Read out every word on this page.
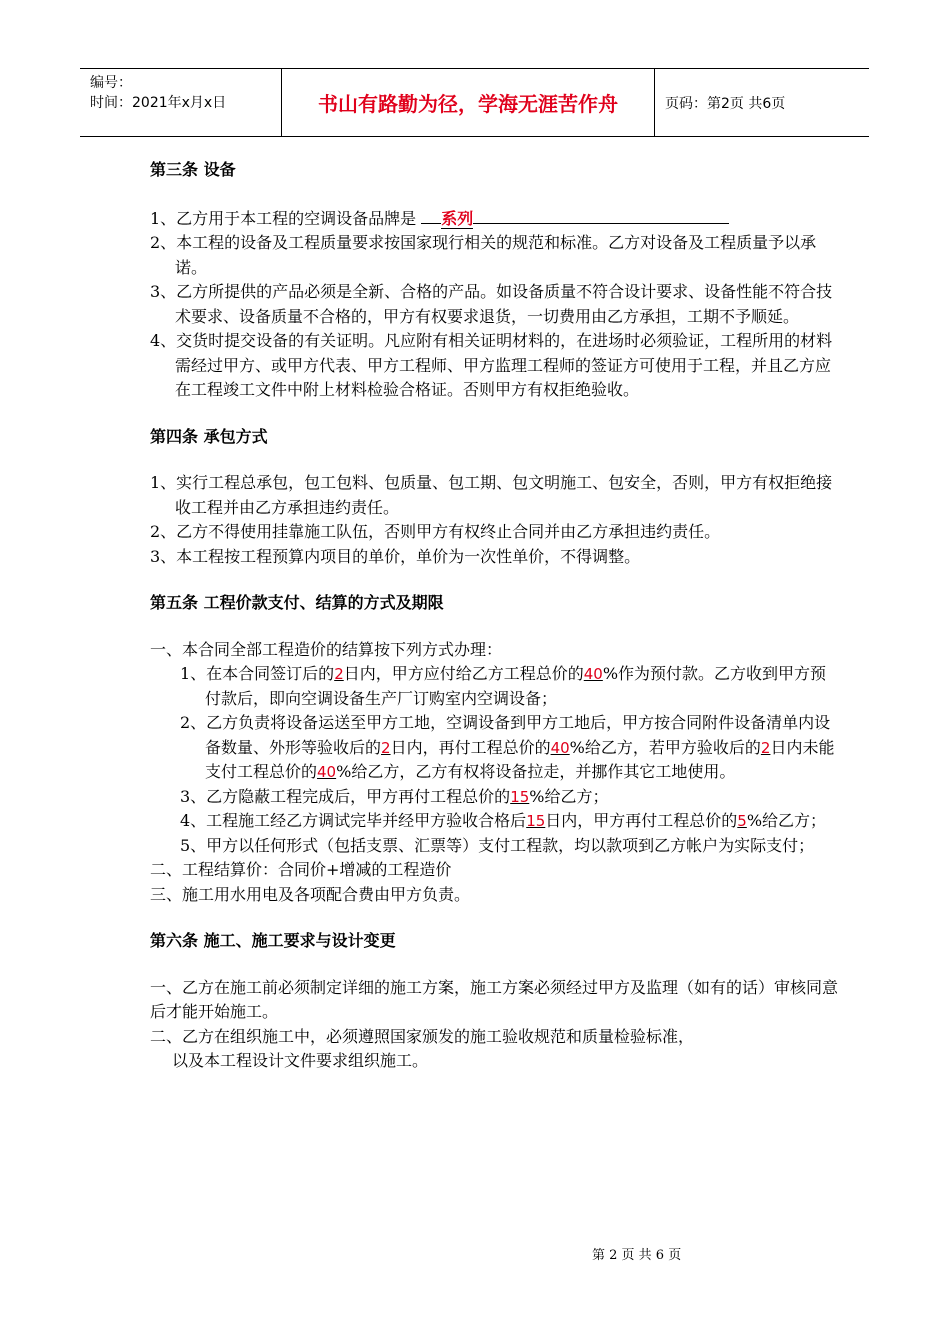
编号：
时间：2021年x月x日	书山有路勤为径，学海无涯苦作舟	页码：第2页 共6页
第三条 设备

1、乙方用于本工程的空调设备品牌是 系列

2、本工程的设备及工程质量要求按国家现行相关的规范和标准。乙方对设备及工程质量予以承诺。

3、乙方所提供的产品必须是全新、合格的产品。如设备质量不符合设计要求、设备性能不符合技术要求、设备质量不合格的，甲方有权要求退货，一切费用由乙方承担，工期不予顺延。

4、交货时提交设备的有关证明。凡应附有相关证明材料的，在进场时必须验证，工程所用的材料需经过甲方、或甲方代表、甲方工程师、甲方监理工程师的签证方可使用于工程，并且乙方应在工程竣工文件中附上材料检验合格证。否则甲方有权拒绝验收。

第四条 承包方式

1、实行工程总承包，包工包料、包质量、包工期、包文明施工、包安全，否则，甲方有权拒绝接收工程并由乙方承担违约责任。

2、乙方不得使用挂靠施工队伍，否则甲方有权终止合同并由乙方承担违约责任。

3、本工程按工程预算内项目的单价，单价为一次性单价，不得调整。

第五条 工程价款支付、结算的方式及期限

一、本合同全部工程造价的结算按下列方式办理：

1、在本合同签订后的2日内，甲方应付给乙方工程总价的40%作为预付款。乙方收到甲方预付款后，即向空调设备生产厂订购室内空调设备；

2、乙方负责将设备运送至甲方工地，空调设备到甲方工地后，甲方按合同附件设备清单内设备数量、外形等验收后的2日内，再付工程总价的40%给乙方，若甲方验收后的2日内未能支付工程总价的40%给乙方，乙方有权将设备拉走，并挪作其它工地使用。

3、乙方隐蔽工程完成后，甲方再付工程总价的15%给乙方；

4、工程施工经乙方调试完毕并经甲方验收合格后15日内，甲方再付工程总价的5%给乙方；

5、甲方以任何形式（包括支票、汇票等）支付工程款，均以款项到乙方帐户为实际支付；

二、工程结算价：合同价+增减的工程造价

三、施工用水用电及各项配合费由甲方负责。

第六条 施工、施工要求与设计变更

一、乙方在施工前必须制定详细的施工方案，施工方案必须经过甲方及监理（如有的话）审核同意后才能开始施工。

二、乙方在组织施工中，必须遵照国家颁发的施工验收规范和质量检验标准，

以及本工程设计文件要求组织施工。

第 2 页 共 6 页
